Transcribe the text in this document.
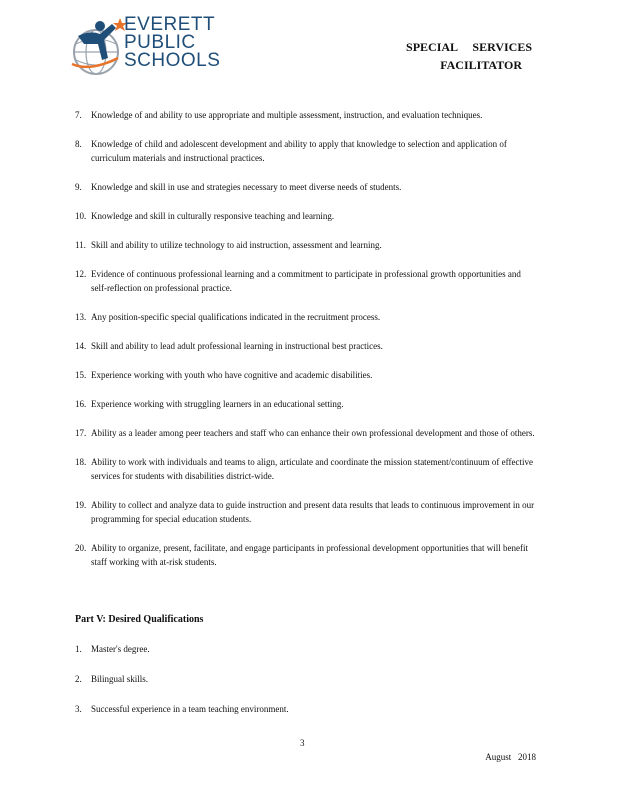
EVERETT
PUBLIC
SCHOOLS
SPECIAL     SERVICES
FACILITATOR
7. Knowledge of and ability to use appropriate and multiple assessment, instruction, and evaluation techniques.
8. Knowledge of child and adolescent development and ability to apply that knowledge to selection and application of curriculum materials and instructional practices.
9. Knowledge and skill in use and strategies necessary to meet diverse needs of students.
10. Knowledge and skill in culturally responsive teaching and learning.
11. Skill and ability to utilize technology to aid instruction, assessment and learning.
12. Evidence of continuous professional learning and a commitment to participate in professional growth opportunities and self-reflection on professional practice.
13. Any position-specific special qualifications indicated in the recruitment process.
14. Skill and ability to lead adult professional learning in instructional best practices.
15. Experience working with youth who have cognitive and academic disabilities.
16. Experience working with struggling learners in an educational setting.
17. Ability as a leader among peer teachers and staff who can enhance their own professional development and those of others.
18. Ability to work with individuals and teams to align, articulate and coordinate the mission statement/continuum of effective services for students with disabilities district-wide.
19. Ability to collect and analyze data to guide instruction and present data results that leads to continuous improvement in our programming for special education students.
20. Ability to organize, present, facilitate, and engage participants in professional development opportunities that will benefit staff working with at-risk students.
Part V: Desired Qualifications
1. Master's degree.
2. Bilingual skills.
3. Successful experience in a team teaching environment.
3
August   2018
